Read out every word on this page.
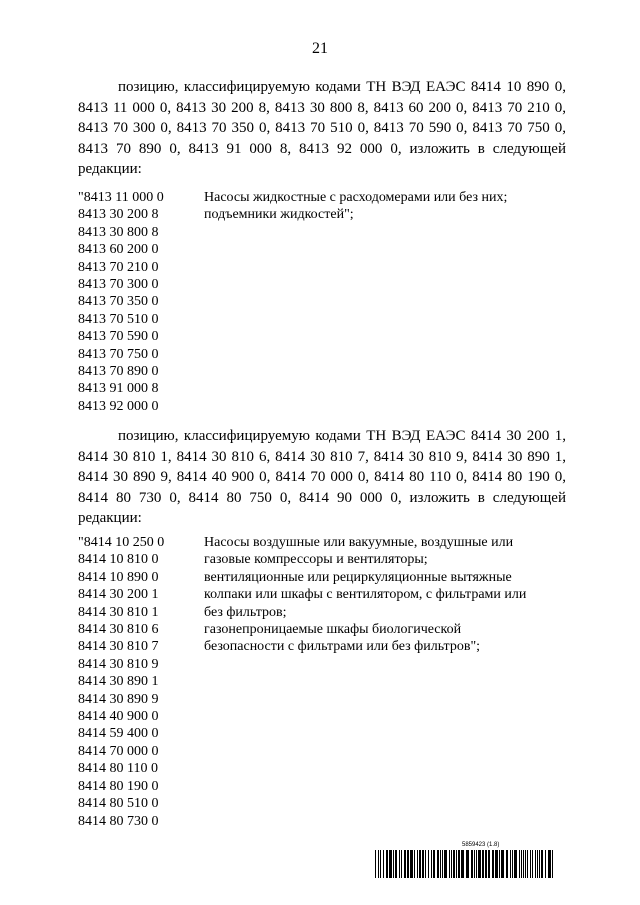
21
позицию, классифицируемую кодами ТН ВЭД ЕАЭС 8414 10 890 0, 8413 11 000 0, 8413 30 200 8, 8413 30 800 8, 8413 60 200 0, 8413 70 210 0, 8413 70 300 0, 8413 70 350 0, 8413 70 510 0, 8413 70 590 0, 8413 70 750 0, 8413 70 890 0, 8413 91 000 8, 8413 92 000 0, изложить в следующей редакции:
"8413 11 000 0
8413 30 200 8
8413 30 800 8
8413 60 200 0
8413 70 210 0
8413 70 300 0
8413 70 350 0
8413 70 510 0
8413 70 590 0
8413 70 750 0
8413 70 890 0
8413 91 000 8
8413 92 000 0
Насосы жидкостные с расходомерами или без них;
подъемники жидкостей";
позицию, классифицируемую кодами ТН ВЭД ЕАЭС 8414 30 200 1, 8414 30 810 1, 8414 30 810 6, 8414 30 810 7, 8414 30 810 9, 8414 30 890 1, 8414 30 890 9, 8414 40 900 0, 8414 70 000 0, 8414 80 110 0, 8414 80 190 0, 8414 80 730 0, 8414 80 750 0, 8414 90 000 0, изложить в следующей редакции:
"8414 10 250 0
8414 10 810 0
8414 10 890 0
8414 30 200 1
8414 30 810 1
8414 30 810 6
8414 30 810 7
8414 30 810 9
8414 30 890 1
8414 30 890 9
8414 40 900 0
8414 59 400 0
8414 70 000 0
8414 80 110 0
8414 80 190 0
8414 80 510 0
8414 80 730 0
Насосы воздушные или вакуумные, воздушные или
газовые компрессоры и вентиляторы;
вентиляционные или рециркуляционные вытяжные
колпаки или шкафы с вентилятором, с фильтрами или
без фильтров;
газонепроницаемые шкафы биологической
безопасности с фильтрами или без фильтров";
5859423 (1.8)
